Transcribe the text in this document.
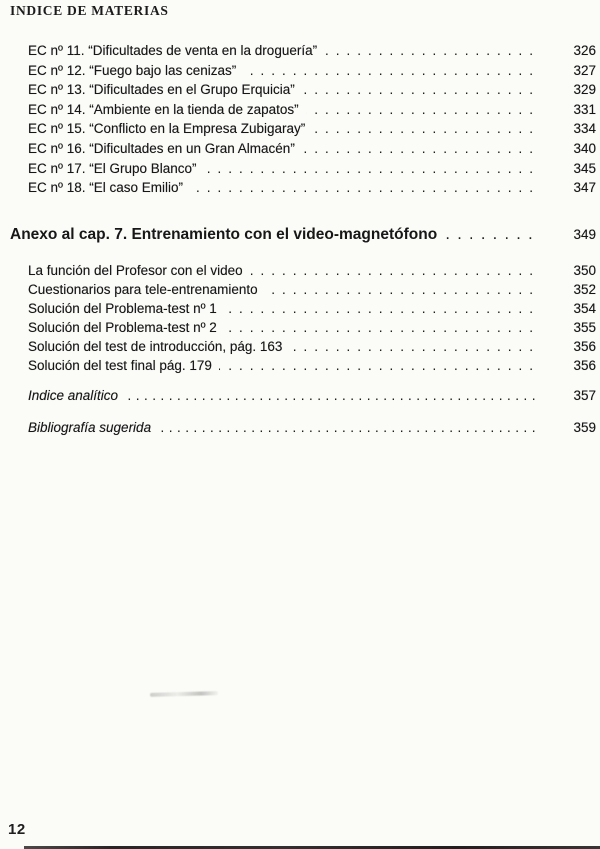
INDICE DE MATERIAS
EC nº 11. “Dificultades de venta en la droguería” .....	326
EC nº 12. “Fuego bajo las cenizas” .....	327
EC nº 13. “Dificultades en el Grupo Erquicia” .....	329
EC nº 14. “Ambiente en la tienda de zapatos” .....	331
EC nº 15. “Conflicto en la Empresa Zubigaray” .....	334
EC nº 16. “Dificultades en un Gran Almacén” .....	340
EC nº 17. “El Grupo Blanco” .....	345
EC nº 18. “El caso Emilio” .....	347
Anexo al cap. 7. Entrenamiento con el video-magnetófono .....	349
La función del Profesor con el video .....	350
Cuestionarios para tele-entrenamiento .....	352
Solución del Problema-test nº 1 .....	354
Solución del Problema-test nº 2 .....	355
Solución del test de introducción, pág. 163 .....	356
Solución del test final pág. 179 .....	356
Indice analítico .....	357
Bibliografía sugerida .....	359
12
